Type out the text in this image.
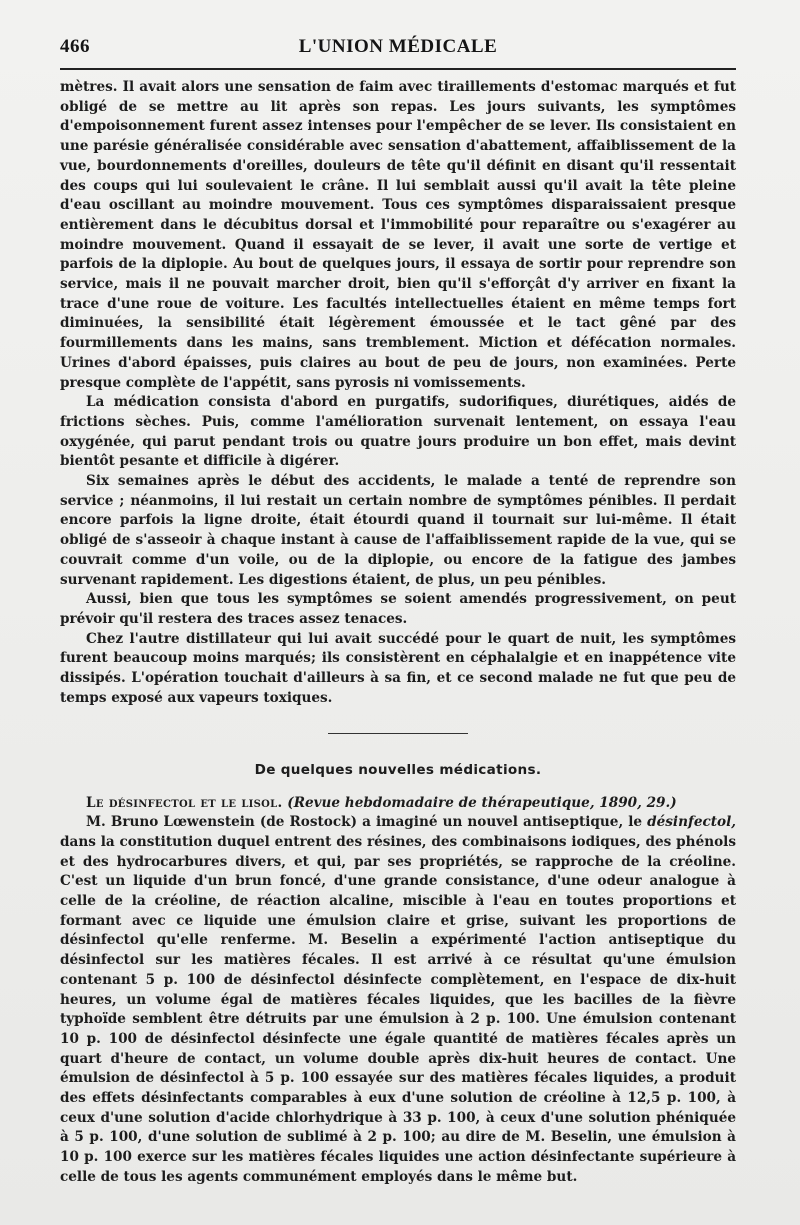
466	L'UNION MÉDICALE

mètres. Il avait alors une sensation de faim avec tiraillements d'estomac marqués et fut obligé de se mettre au lit après son repas. Les jours suivants, les symptômes d'empoisonnement furent assez intenses pour l'empêcher de se lever. Ils consistaient en une parésie généralisée considérable avec sensation d'abattement, affaiblissement de la vue, bourdonnements d'oreilles, douleurs de tête qu'il définit en disant qu'il ressentait des coups qui lui soulevaient le crâne. Il lui semblait aussi qu'il avait la tête pleine d'eau oscillant au moindre mouvement. Tous ces symptômes disparaissaient presque entièrement dans le décubitus dorsal et l'immobilité pour reparaître ou s'exagérer au moindre mouvement. Quand il essayait de se lever, il avait une sorte de vertige et parfois de la diplopie. Au bout de quelques jours, il essaya de sortir pour reprendre son service, mais il ne pouvait marcher droit, bien qu'il s'efforçât d'y arriver en fixant la trace d'une roue de voiture. Les facultés intellectuelles étaient en même temps fort diminuées, la sensibilité était légèrement émoussée et le tact gêné par des fourmillements dans les mains, sans tremblement. Miction et défécation normales. Urines d'abord épaisses, puis claires au bout de peu de jours, non examinées. Perte presque complète de l'appétit, sans pyrosis ni vomissements.

La médication consista d'abord en purgatifs, sudorifiques, diurétiques, aidés de frictions sèches. Puis, comme l'amélioration survenait lentement, on essaya l'eau oxygénée, qui parut pendant trois ou quatre jours produire un bon effet, mais devint bientôt pesante et difficile à digérer.

Six semaines après le début des accidents, le malade a tenté de reprendre son service ; néanmoins, il lui restait un certain nombre de symptômes pénibles. Il perdait encore parfois la ligne droite, était étourdi quand il tournait sur lui-même. Il était obligé de s'asseoir à chaque instant à cause de l'affaiblissement rapide de la vue, qui se couvrait comme d'un voile, ou de la diplopie, ou encore de la fatigue des jambes survenant rapidement. Les digestions étaient, de plus, un peu pénibles.

Aussi, bien que tous les symptômes se soient amendés progressivement, on peut prévoir qu'il restera des traces assez tenaces.

Chez l'autre distillateur qui lui avait succédé pour le quart de nuit, les symptômes furent beaucoup moins marqués; ils consistèrent en céphalalgie et en inappétence vite dissipés. L'opération touchait d'ailleurs à sa fin, et ce second malade ne fut que peu de temps exposé aux vapeurs toxiques.

De quelques nouvelles médications.

Le désinfectol et le lisol. (Revue hebdomadaire de thérapeutique, 1890, 29.)

M. Bruno Lœwenstein (de Rostock) a imaginé un nouvel antiseptique, le désinfectol, dans la constitution duquel entrent des résines, des combinaisons iodiques, des phénols et des hydrocarbures divers, et qui, par ses propriétés, se rapproche de la créoline. C'est un liquide d'un brun foncé, d'une grande consistance, d'une odeur analogue à celle de la créoline, de réaction alcaline, miscible à l'eau en toutes proportions et formant avec ce liquide une émulsion claire et grise, suivant les proportions de désinfectol qu'elle renferme. M. Beselin a expérimenté l'action antiseptique du désinfectol sur les matières fécales. Il est arrivé à ce résultat qu'une émulsion contenant 5 p. 100 de désinfectol désinfecte complètement, en l'espace de dix-huit heures, un volume égal de matières fécales liquides, que les bacilles de la fièvre typhoïde semblent être détruits par une émulsion à 2 p. 100. Une émulsion contenant 10 p. 100 de désinfectol désinfecte une égale quantité de matières fécales après un quart d'heure de contact, un volume double après dix-huit heures de contact. Une émulsion de désinfectol à 5 p. 100 essayée sur des matières fécales liquides, a produit des effets désinfectants comparables à eux d'une solution de créoline à 12,5 p. 100, à ceux d'une solution d'acide chlorhydrique à 33 p. 100, à ceux d'une solution phéniquée à 5 p. 100, d'une solution de sublimé à 2 p. 100; au dire de M. Beselin, une émulsion à 10 p. 100 exerce sur les matières fécales liquides une action désinfectante supérieure à celle de tous les agents communément employés dans le même but.
